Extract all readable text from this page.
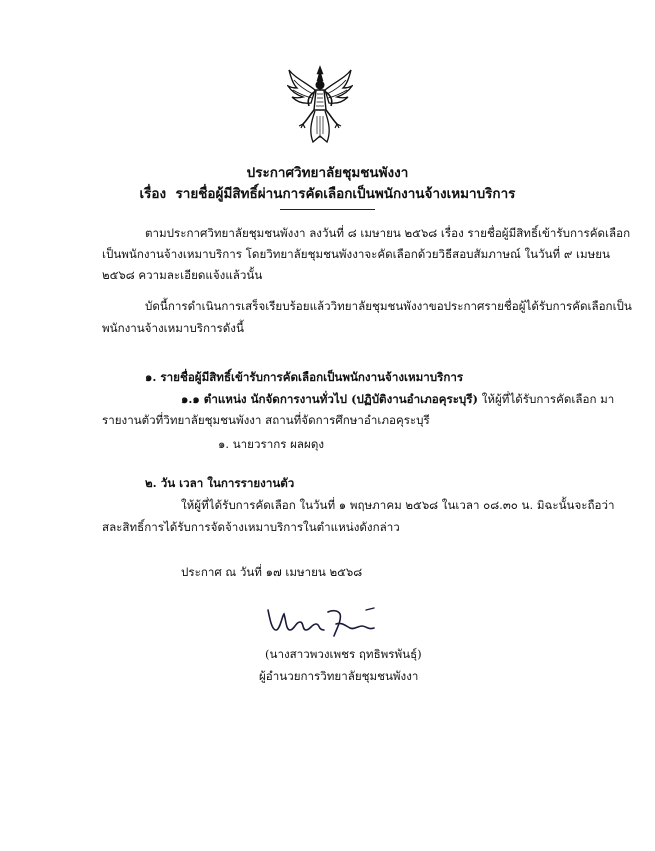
ประกาศวิทยาลัยชุมชนพังงา
เรื่อง รายชื่อผู้มีสิทธิ์ผ่านการคัดเลือกเป็นพนักงานจ้างเหมาบริการ
ตามประกาศวิทยาลัยชุมชนพังงา ลงวันที่ ๘ เมษายน ๒๕๖๘ เรื่อง รายชื่อผู้มีสิทธิ์เข้ารับการคัดเลือก
เป็นพนักงานจ้างเหมาบริการ โดยวิทยาลัยชุมชนพังงาจะคัดเลือกด้วยวิธีสอบสัมภาษณ์ ในวันที่ ๙ เมษยน
๒๕๖๘ ความละเอียดแจ้งแล้วนั้น
บัดนี้การดำเนินการเสร็จเรียบร้อยแล้ววิทยาลัยชุมชนพังงาขอประกาศรายชื่อผู้ได้รับการคัดเลือกเป็น
พนักงานจ้างเหมาบริการดังนี้
๑. รายชื่อผู้มีสิทธิ์เข้ารับการคัดเลือกเป็นพนักงานจ้างเหมาบริการ
๑.๑ ตำแหน่ง นักจัดการงานทั่วไป (ปฏิบัติงานอำเภอคุระบุรี) ให้ผู้ที่ได้รับการคัดเลือก มา
รายงานตัวที่วิทยาลัยชุมชนพังงา สถานที่จัดการศึกษาอำเภอคุระบุรี
๑. นายวรากร ผลผดุง
๒. วัน เวลา ในการรายงานตัว
ให้ผู้ที่ได้รับการคัดเลือก ในวันที่ ๑ พฤษภาคม ๒๕๖๘ ในเวลา ๐๘.๓๐ น. มิฉะนั้นจะถือว่า
สละสิทธิ์การได้รับการจัดจ้างเหมาบริการในตำแหน่งดังกล่าว
ประกาศ ณ วันที่ ๑๗ เมษายน ๒๕๖๘
(นางสาวพวงเพชร ฤทธิพรพันธุ์)
ผู้อำนวยการวิทยาลัยชุมชนพังงา
